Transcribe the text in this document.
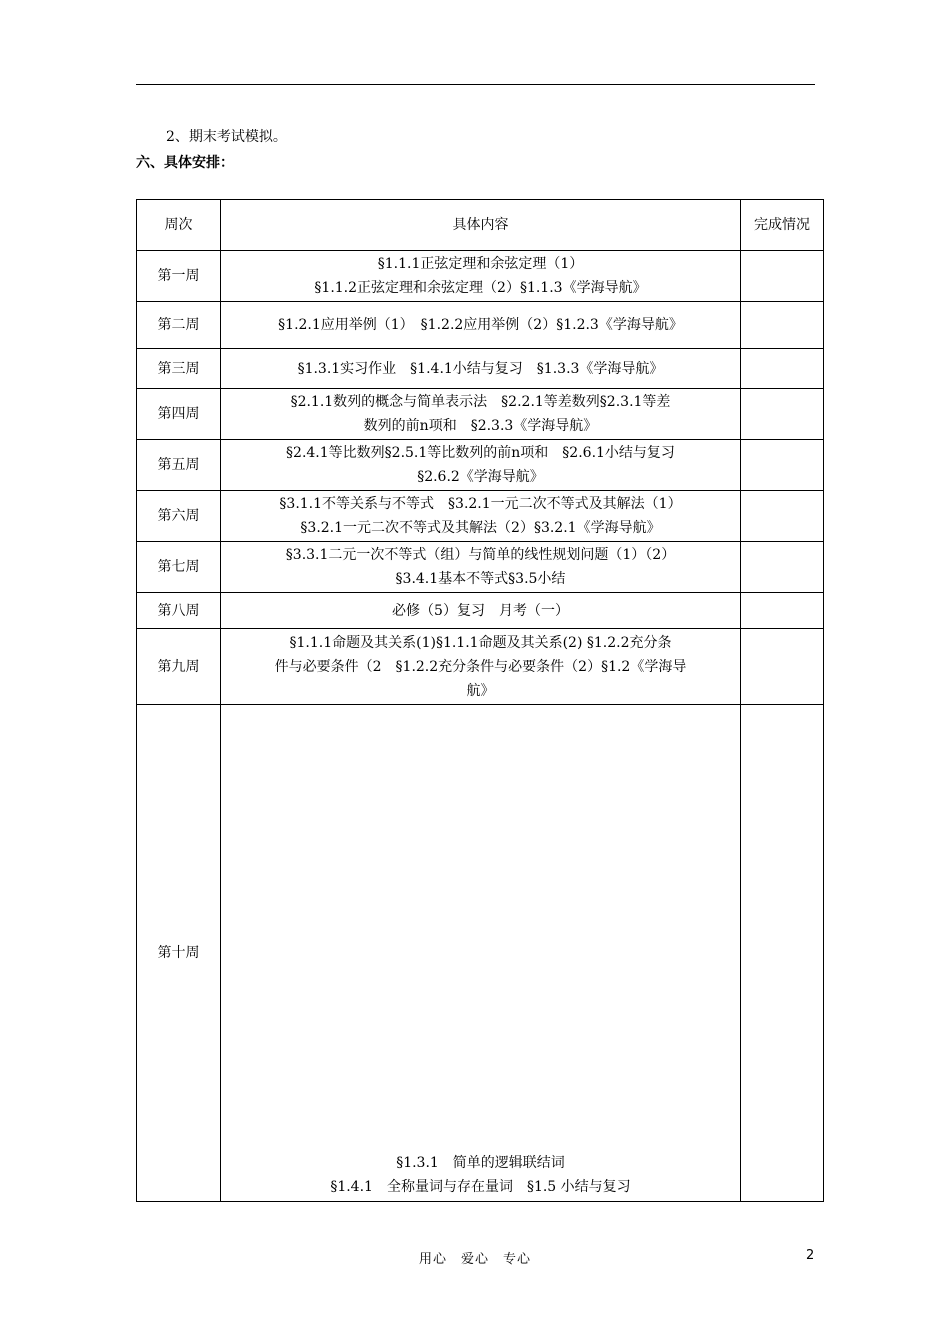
2、期末考试模拟。
六、具体安排：
周次	具体内容	完成情况
第一周	§1.1.1正弦定理和余弦定理（1）
§1.1.2正弦定理和余弦定理（2）§1.1.3《学海导航》	

第二周	§1.2.1应用举例（1）　§1.2.2应用举例（2）§1.2.3《学海导航》	

第三周	§1.3.1实习作业　§1.4.1小结与复习　§1.3.3《学海导航》	

第四周	§2.1.1数列的概念与简单表示法　§2.2.1等差数列§2.3.1等差
数列的前n项和　§2.3.3《学海导航》	

第五周	§2.4.1等比数列§2.5.1等比数列的前n项和　§2.6.1小结与复习
§2.6.2《学海导航》	

第六周	§3.1.1不等关系与不等式　§3.2.1一元二次不等式及其解法（1）
§3.2.1一元二次不等式及其解法（2）§3.2.1《学海导航》	

第七周	§3.3.1二元一次不等式（组）与简单的线性规划问题（1）（2）
§3.4.1基本不等式§3.5小结	

第八周	必修（5）复习　月考（一）	

第九周	§1.1.1命题及其关系(1)§1.1.1命题及其关系(2) §1.2.2充分条
件与必要条件（2　§1.2.2充分条件与必要条件（2）§1.2《学海导
航》	

第十周	§1.3.1　简单的逻辑联结词
§1.4.1　全称量词与存在量词　§1.5 小结与复习	

用心　爱心　专心	2
